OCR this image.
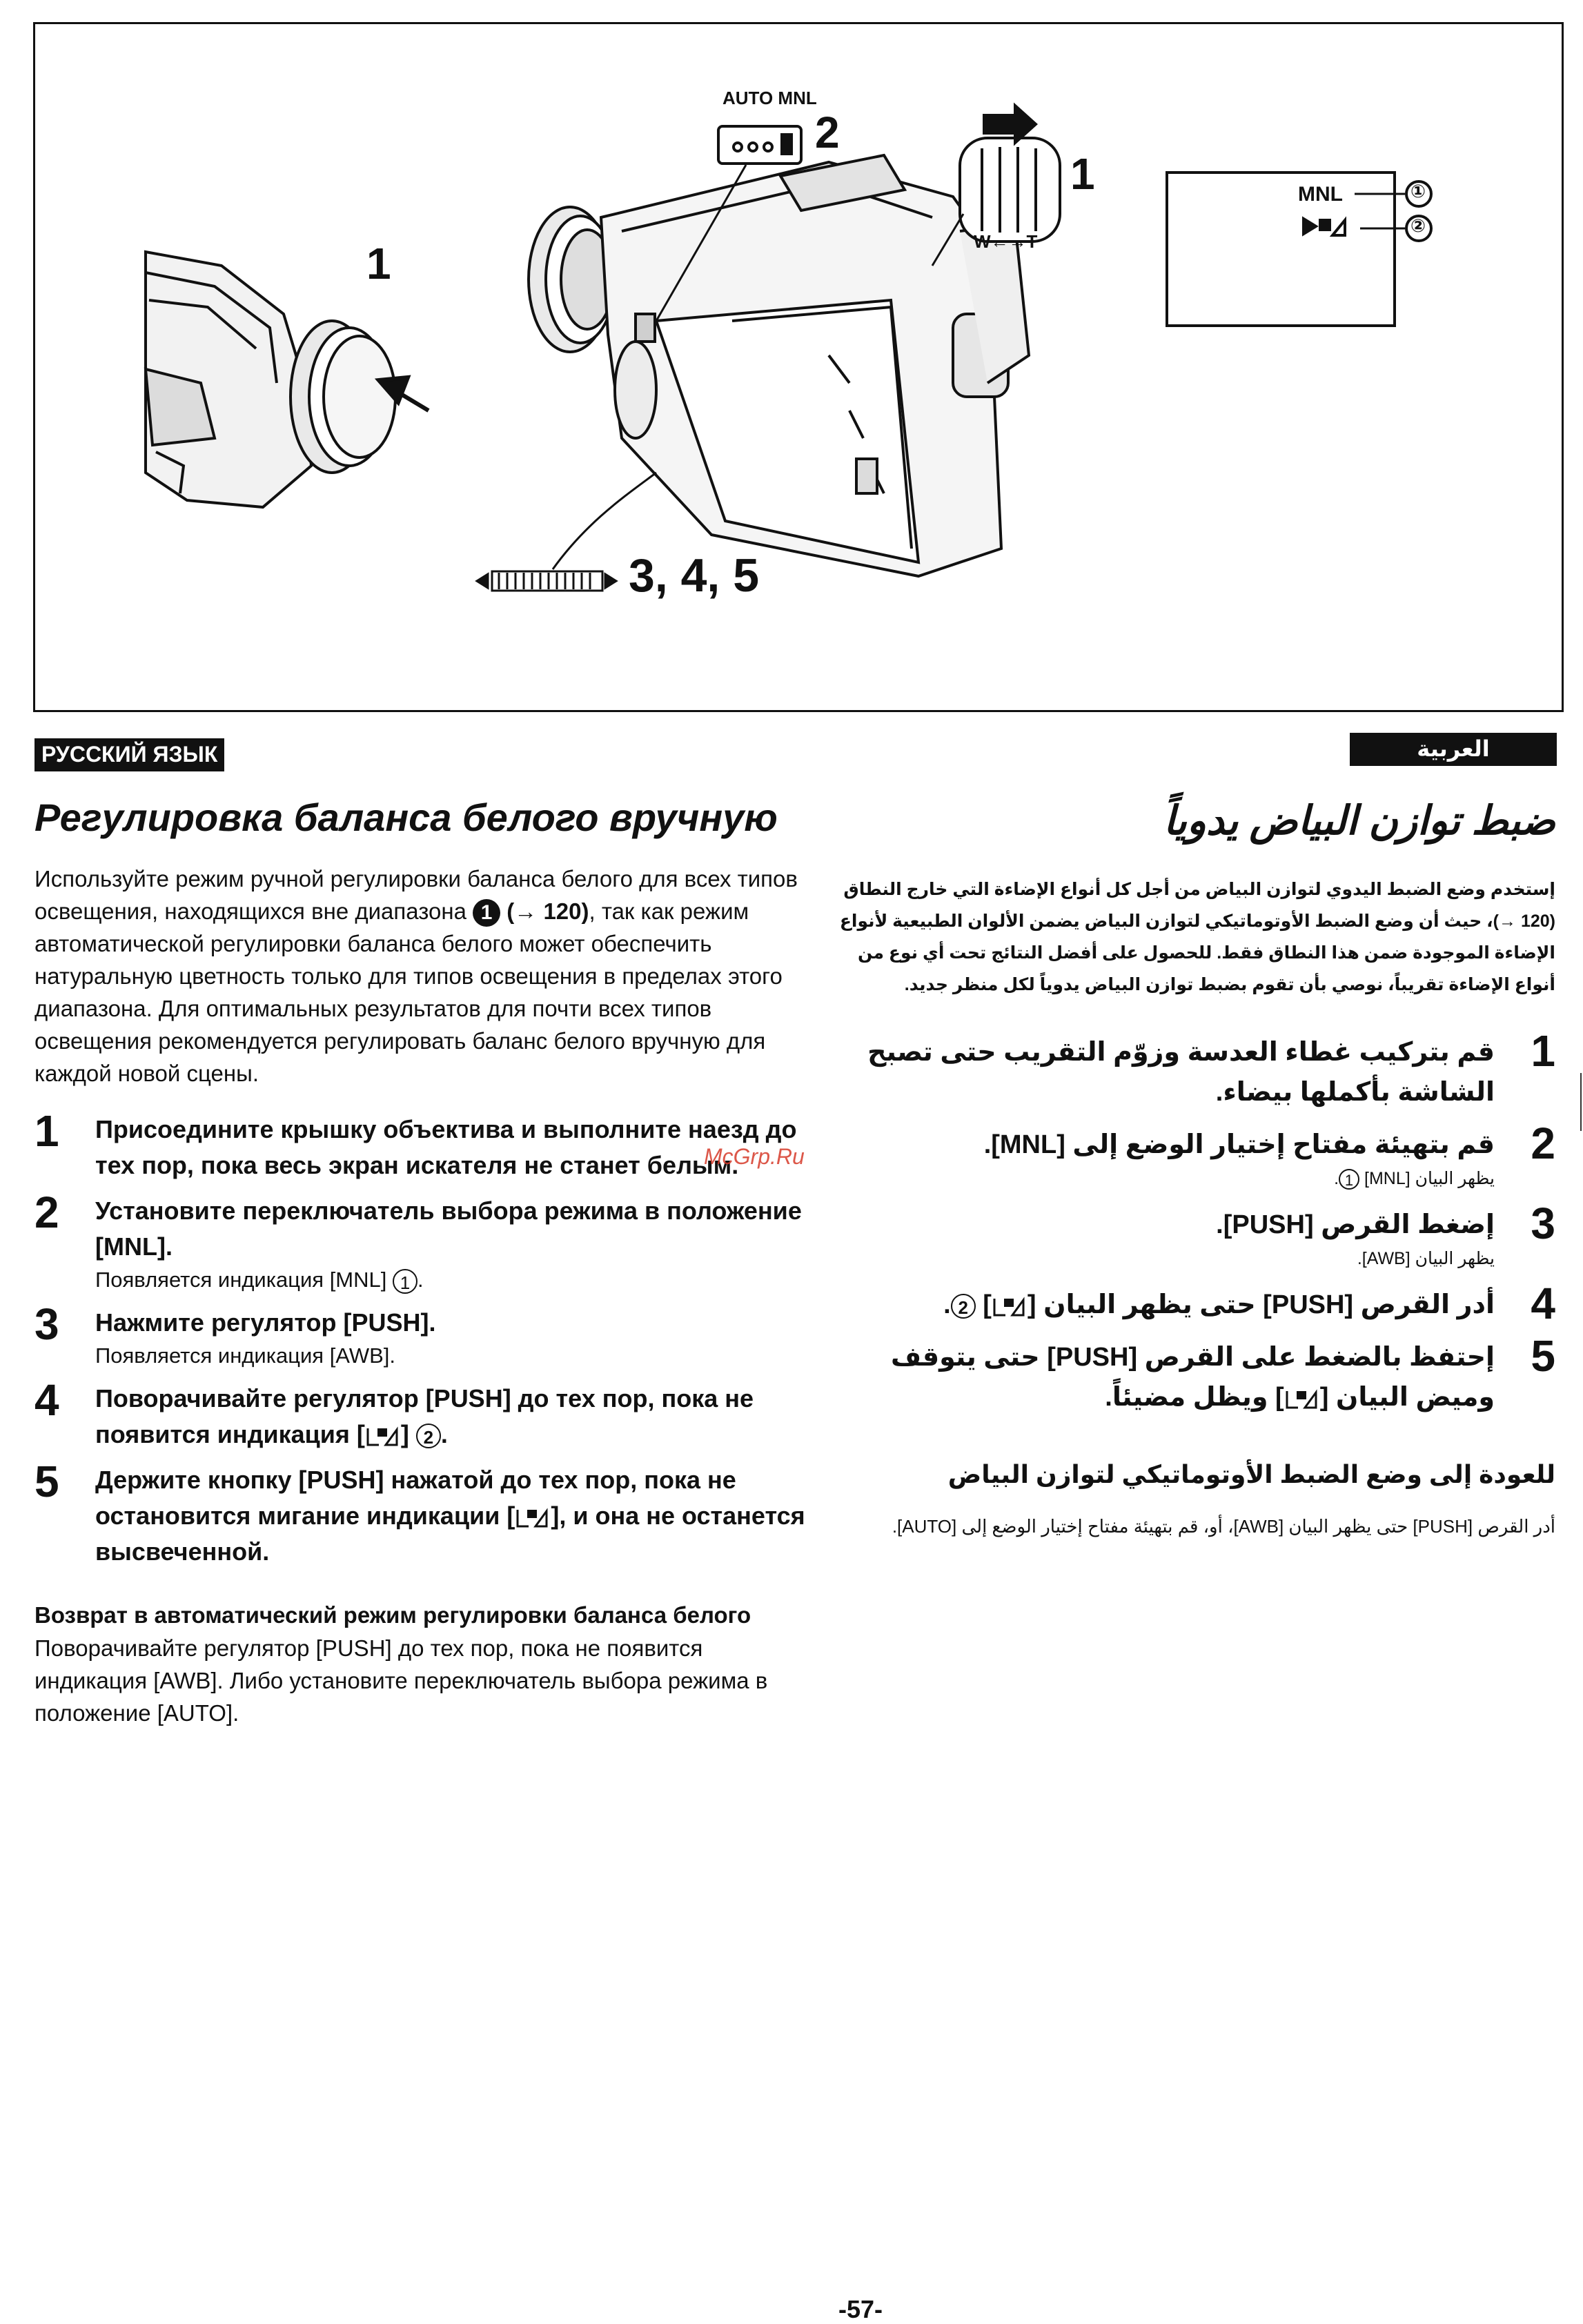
1
AUTO MNL
2
1
W←→T
3, 4, 5
MNL	①
②
РУССКИЙ ЯЗЫК	العربية
Регулировка баланса белого вручную

Используйте режим ручной регулировки баланса белого для всех типов освещения, находящихся вне диапазона 1 (→ 120), так как режим автоматической регулировки баланса белого может обеспечить натуральную цветность только для типов освещения в пределах этого диапазона. Для оптимальных результатов для почти всех типов освещения рекомендуется регулировать баланс белого вручную для каждой новой сцены.

1 Присоедините крышку объектива и выполните наезд до тех пор, пока весь экран искателя не станет белым.
2 Установите переключатель выбора режима в положение [MNL].
Появляется индикация [MNL] 1 .
3 Нажмите регулятор [PUSH].
Появляется индикация [AWB].
4 Поворачивайте регулятор [PUSH] до тех пор, пока не появится индикация [ ] 2 .
5 Держите кнопку [PUSH] нажатой до тех пор, пока не остановится мигание индикации [ ], и она не останется высвеченной.
Возврат в автоматический режим регулировки баланса белого

Поворачивайте регулятор [PUSH] до тех пор, пока не появится индикация [AWB]. Либо установите переключатель выбора режима в положение [AUTO].

ضبط توازن البياض يدوياً

إستخدم وضع الضبط اليدوي لتوازن البياض من أجل كل أنواع الإضاءة التي خارج النطاق (120 →)، حيث أن وضع الضبط الأوتوماتيكي لتوازن البياض يضمن الألوان الطبيعية لأنواع الإضاءة الموجودة ضمن هذا النطاق فقط. للحصول على أفضل النتائج تحت أي نوع من أنواع الإضاءة تقريباً، نوصي بأن تقوم بضبط توازن البياض يدوياً لكل منظر جديد.

1
قم بتركيب غطاء العدسة وزوّم التقريب حتى تصبح الشاشة بأكملها بيضاء.
2
قم بتهيئة مفتاح إختيار الوضع إلى [MNL].
يظهر البيان [MNL] 1.
3
إضغط القرص [PUSH].
يظهر البيان [AWB].
4
أدر القرص [PUSH] حتى يظهر البيان [] 2.
5
إحتفظ بالضغط على القرص [PUSH] حتى يتوقف وميض البيان [] ويظل مضيئاً.
للعودة إلى وضع الضبط الأوتوماتيكي لتوازن البياض

أدر القرص [PUSH] حتى يظهر البيان [AWB]، أو، قم بتهيئة مفتاح إختيار الوضع إلى [AUTO].

McGrp.Ru
-57-
